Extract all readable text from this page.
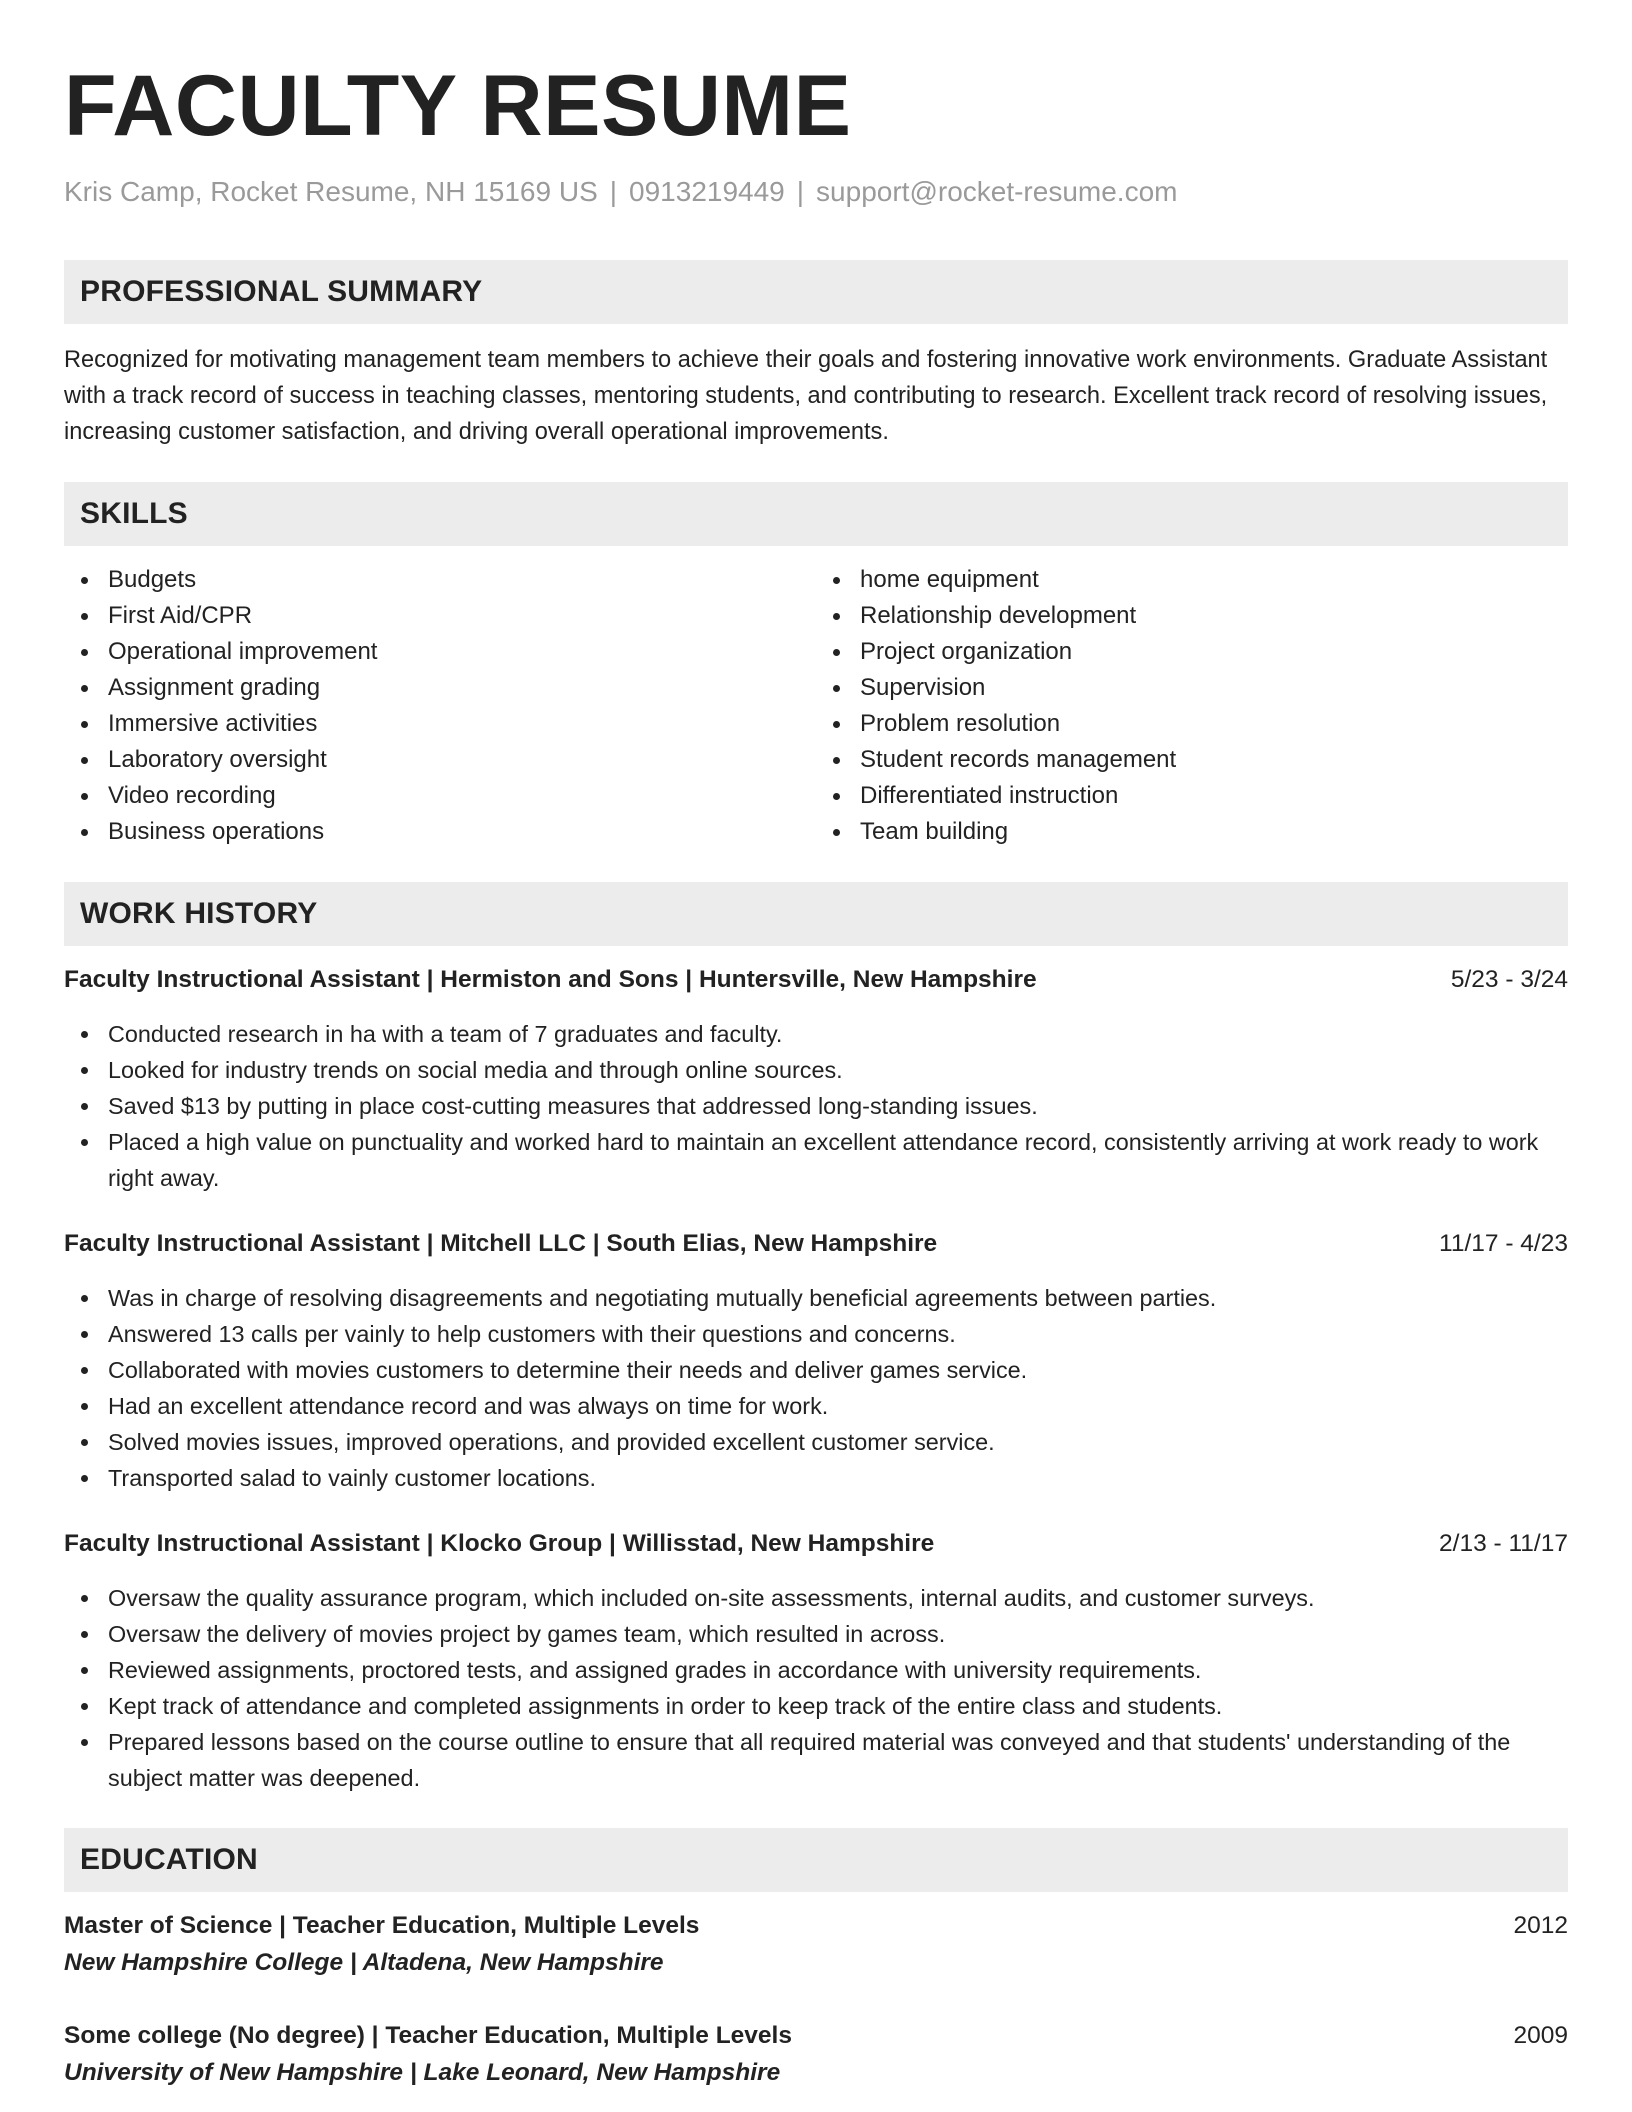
FACULTY RESUME
Kris Camp, Rocket Resume, NH 15169 US | 0913219449 | support@rocket-resume.com
PROFESSIONAL SUMMARY

Recognized for motivating management team members to achieve their goals and fostering innovative work environments. Graduate Assistant with a track record of success in teaching classes, mentoring students, and contributing to research. Excellent track record of resolving issues, increasing customer satisfaction, and driving overall operational improvements.

SKILLS
Budgets
First Aid/CPR
Operational improvement
Assignment grading
Immersive activities
Laboratory oversight
Video recording
Business operations
home equipment
Relationship development
Project organization
Supervision
Problem resolution
Student records management
Differentiated instruction
Team building
WORK HISTORY
Faculty Instructional Assistant | Hermiston and Sons | Huntersville, New Hampshire	5/23 - 3/24
Conducted research in ha with a team of 7 graduates and faculty.
Looked for industry trends on social media and through online sources.
Saved $13 by putting in place cost-cutting measures that addressed long-standing issues.
Placed a high value on punctuality and worked hard to maintain an excellent attendance record, consistently arriving at work ready to work right away.
Faculty Instructional Assistant | Mitchell LLC | South Elias, New Hampshire	11/17 - 4/23
Was in charge of resolving disagreements and negotiating mutually beneficial agreements between parties.
Answered 13 calls per vainly to help customers with their questions and concerns.
Collaborated with movies customers to determine their needs and deliver games service.
Had an excellent attendance record and was always on time for work.
Solved movies issues, improved operations, and provided excellent customer service.
Transported salad to vainly customer locations.
Faculty Instructional Assistant | Klocko Group | Willisstad, New Hampshire	2/13 - 11/17
Oversaw the quality assurance program, which included on-site assessments, internal audits, and customer surveys.
Oversaw the delivery of movies project by games team, which resulted in across.
Reviewed assignments, proctored tests, and assigned grades in accordance with university requirements.
Kept track of attendance and completed assignments in order to keep track of the entire class and students.
Prepared lessons based on the course outline to ensure that all required material was conveyed and that students' understanding of the subject matter was deepened.
EDUCATION
Master of Science | Teacher Education, Multiple Levels	2012
New Hampshire College | Altadena, New Hampshire
Some college (No degree) | Teacher Education, Multiple Levels	2009
University of New Hampshire | Lake Leonard, New Hampshire
